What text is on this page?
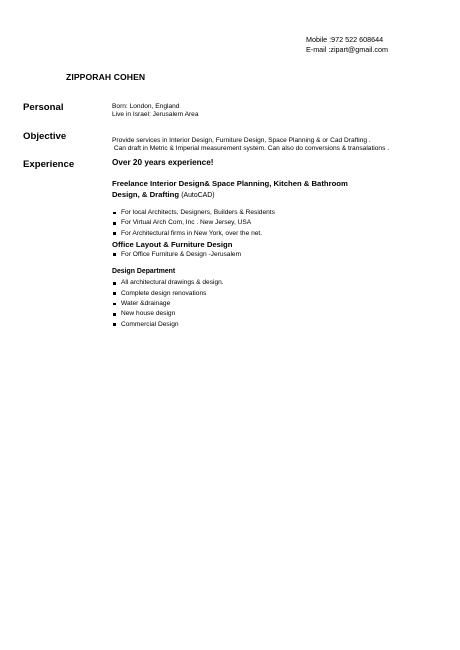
Mobile :972 522 608644
E-mail :zipart@gmail.com
ZIPPORAH COHEN
Personal	Born: London, England
Live in Israel: Jerusalem Area
Objective	Provide services in Interior Design, Furniture Design, Space Planning & or Cad Drafting .
Can draft in Metric & Imperial measurement system. Can also do conversions & transalations .
Experience	Over 20 years experience!
Freelance Interior Design& Space Planning, Kitchen & Bathroom
Design, & Drafting (AutoCAD)
For local Architects, Designers, Builders & Residents
For Virtual Arch Com, Inc . New Jersey, USA
For Architectural firms in New York, over the net.
Office Layout & Furniture Design
For Office Furniture & Design -Jerusalem
Design Department
All architectural drawings & design.
Complete design renovations
Water &drainage
New house design
Commercial Design
